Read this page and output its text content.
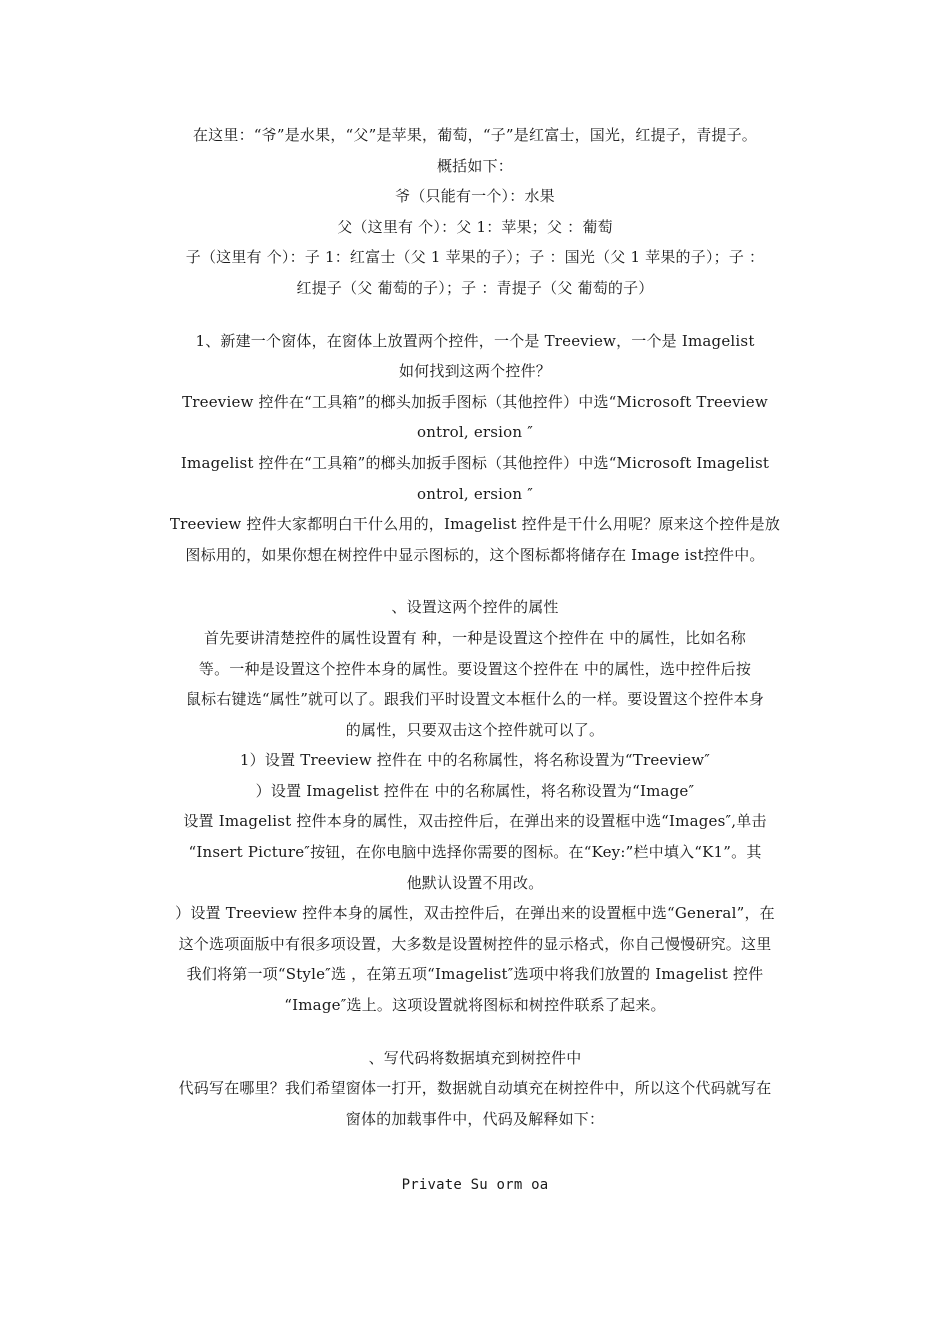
在这里：“爷”是水果，“父”是苹果，葡萄，“子”是红富士，国光，红提子，青提子。
概括如下：
爷（只能有一个）：水果
父（这里有 个）：父 1：苹果；父 ：葡萄
子（这里有 个）：子 1：红富士（父 1 苹果的子）；子 ：国光（父 1 苹果的子）；子 ：
红提子（父 葡萄的子）；子 ：青提子（父 葡萄的子）
1、新建一个窗体，在窗体上放置两个控件，一个是 Treeview，一个是 Imagelist
如何找到这两个控件？
Treeview 控件在“工具箱”的榔头加扳手图标（其他控件）中选“Microsoft Treeview
ontrol, ersion ″
Imagelist 控件在“工具箱”的榔头加扳手图标（其他控件）中选“Microsoft Imagelist
ontrol, ersion ″
Treeview 控件大家都明白干什么用的，Imagelist 控件是干什么用呢？原来这个控件是放
图标用的，如果你想在树控件中显示图标的，这个图标都将储存在 Image ist控件中。
、设置这两个控件的属性
首先要讲清楚控件的属性设置有 种，一种是设置这个控件在 中的属性，比如名称
等。一种是设置这个控件本身的属性。要设置这个控件在 中的属性，选中控件后按
鼠标右键选“属性”就可以了。跟我们平时设置文本框什么的一样。要设置这个控件本身
的属性，只要双击这个控件就可以了。
1）设置 Treeview 控件在 中的名称属性，将名称设置为“Treeview″
）设置 Imagelist 控件在 中的名称属性，将名称设置为“Image″
设置 Imagelist 控件本身的属性，双击控件后，在弹出来的设置框中选“Images″,单击
“Insert Picture″按钮，在你电脑中选择你需要的图标。在“Key:”栏中填入“K1”。其
他默认设置不用改。
）设置 Treeview 控件本身的属性，双击控件后，在弹出来的设置框中选“General”，在
这个选项面版中有很多项设置，大多数是设置树控件的显示格式，你自己慢慢研究。这里
我们将第一项“Style″选 ，在第五项“Imagelist″选项中将我们放置的 Imagelist 控件
“Image″选上。这项设置就将图标和树控件联系了起来。
、写代码将数据填充到树控件中
代码写在哪里？我们希望窗体一打开，数据就自动填充在树控件中，所以这个代码就写在
窗体的加载事件中，代码及解释如下：
Private Su orm oa
